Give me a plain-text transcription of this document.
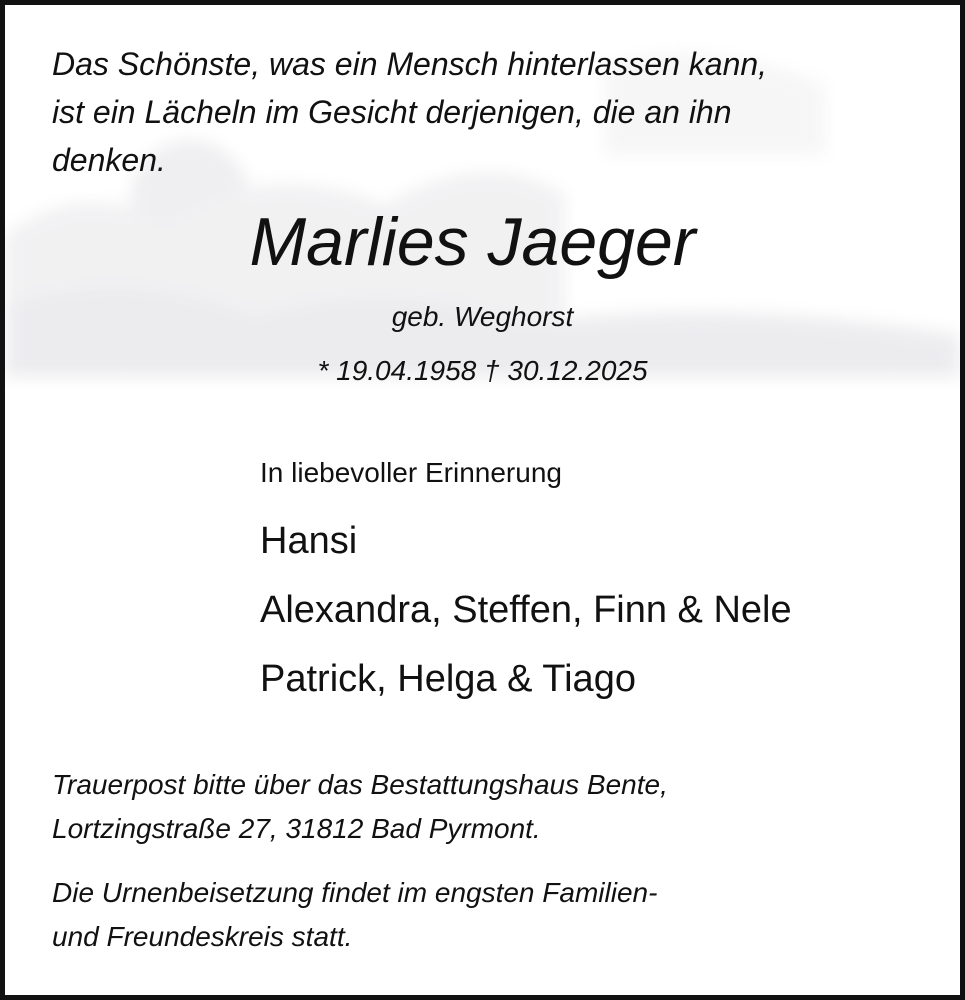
Das Schönste, was ein Mensch hinterlassen kann,
ist ein Lächeln im Gesicht derjenigen, die an ihn
denken.
Marlies Jaeger
geb. Weghorst
* 19.04.1958 † 30.12.2025
In liebevoller Erinnerung
Hansi
Alexandra, Steffen, Finn & Nele
Patrick, Helga & Tiago
Trauerpost bitte über das Bestattungshaus Bente,
Lortzingstraße 27, 31812 Bad Pyrmont.
Die Urnenbeisetzung findet im engsten Familien-
und Freundeskreis statt.
